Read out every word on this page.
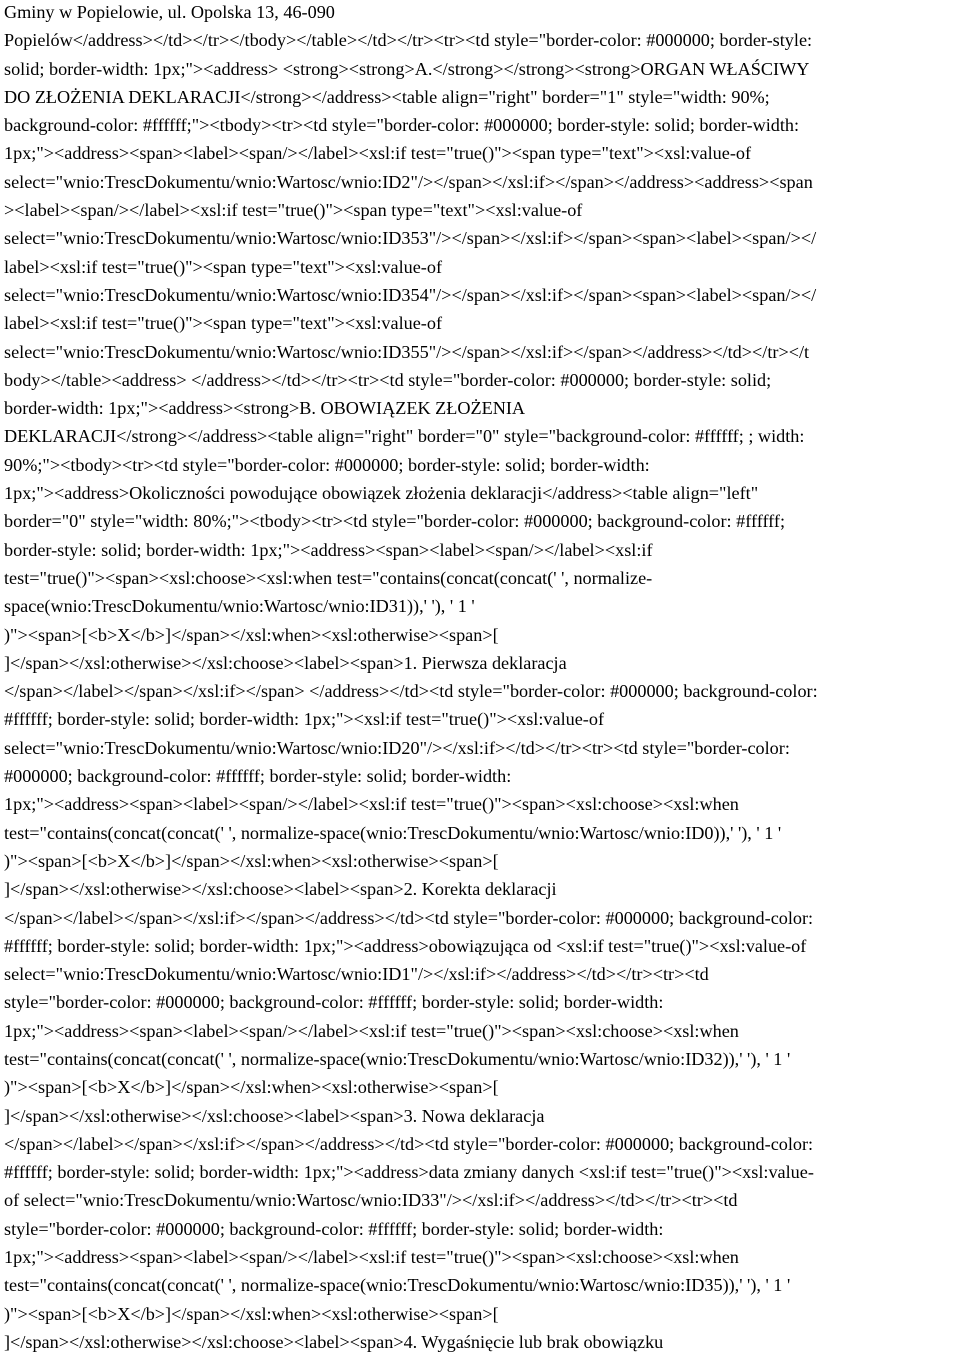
Gminy w Popielowie, ul. Opolska 13, 46-090
Popielów</address></td></tr></tbody></table></td></tr><tr><td style="border-color: #000000; border-style:
solid; border-width: 1px;"><address> <strong><strong>A.</strong></strong><strong>ORGAN WŁAŚCIWY
DO ZŁOŻENIA DEKLARACJI</strong></address><table align="right" border="1" style="width: 90%;
background-color: #ffffff;"><tbody><tr><td style="border-color: #000000; border-style: solid; border-width:
1px;"><address><span><label><span/></label><xsl:if test="true()"><span type="text"><xsl:value-of
select="wnio:TrescDokumentu/wnio:Wartosc/wnio:ID2"/></span></xsl:if></span></address><address><span
><label><span/></label><xsl:if test="true()"><span type="text"><xsl:value-of
select="wnio:TrescDokumentu/wnio:Wartosc/wnio:ID353"/></span></xsl:if></span><span><label><span/></
label><xsl:if test="true()"><span type="text"><xsl:value-of
select="wnio:TrescDokumentu/wnio:Wartosc/wnio:ID354"/></span></xsl:if></span><span><label><span/></
label><xsl:if test="true()"><span type="text"><xsl:value-of
select="wnio:TrescDokumentu/wnio:Wartosc/wnio:ID355"/></span></xsl:if></span></address></td></tr></t
body></table><address> </address></td></tr><tr><td style="border-color: #000000; border-style: solid;
border-width: 1px;"><address><strong>B. OBOWIĄZEK ZŁOŻENIA
DEKLARACJI</strong></address><table align="right" border="0" style="background-color: #ffffff; ; width:
90%;"><tbody><tr><td style="border-color: #000000; border-style: solid; border-width:
1px;"><address>Okoliczności powodujące obowiązek złożenia deklaracji</address><table align="left"
border="0" style="width: 80%;"><tbody><tr><td style="border-color: #000000; background-color: #ffffff;
border-style: solid; border-width: 1px;"><address><span><label><span/></label><xsl:if
test="true()"><span><xsl:choose><xsl:when test="contains(concat(concat(' ', normalize-
space(wnio:TrescDokumentu/wnio:Wartosc/wnio:ID31)),' '), ' 1 '
)"><span>[<b>X</b>]</span></xsl:when><xsl:otherwise><span>[
]</span></xsl:otherwise></xsl:choose><label><span>1. Pierwsza deklaracja
</span></label></span></xsl:if></span> </address></td><td style="border-color: #000000; background-color:
#ffffff; border-style: solid; border-width: 1px;"><xsl:if test="true()"><xsl:value-of
select="wnio:TrescDokumentu/wnio:Wartosc/wnio:ID20"/></xsl:if></td></tr><tr><td style="border-color:
#000000; background-color: #ffffff; border-style: solid; border-width:
1px;"><address><span><label><span/></label><xsl:if test="true()"><span><xsl:choose><xsl:when
test="contains(concat(concat(' ', normalize-space(wnio:TrescDokumentu/wnio:Wartosc/wnio:ID0)),' '), ' 1 '
)"><span>[<b>X</b>]</span></xsl:when><xsl:otherwise><span>[
]</span></xsl:otherwise></xsl:choose><label><span>2. Korekta deklaracji
</span></label></span></xsl:if></span></address></td><td style="border-color: #000000; background-color:
#ffffff; border-style: solid; border-width: 1px;"><address>obowiązująca od <xsl:if test="true()"><xsl:value-of
select="wnio:TrescDokumentu/wnio:Wartosc/wnio:ID1"/></xsl:if></address></td></tr><tr><td
style="border-color: #000000; background-color: #ffffff; border-style: solid; border-width:
1px;"><address><span><label><span/></label><xsl:if test="true()"><span><xsl:choose><xsl:when
test="contains(concat(concat(' ', normalize-space(wnio:TrescDokumentu/wnio:Wartosc/wnio:ID32)),' '), ' 1 '
)"><span>[<b>X</b>]</span></xsl:when><xsl:otherwise><span>[
]</span></xsl:otherwise></xsl:choose><label><span>3. Nowa deklaracja
</span></label></span></xsl:if></span></address></td><td style="border-color: #000000; background-color:
#ffffff; border-style: solid; border-width: 1px;"><address>data zmiany danych <xsl:if test="true()"><xsl:value-
of select="wnio:TrescDokumentu/wnio:Wartosc/wnio:ID33"/></xsl:if></address></td></tr><tr><td
style="border-color: #000000; background-color: #ffffff; border-style: solid; border-width:
1px;"><address><span><label><span/></label><xsl:if test="true()"><span><xsl:choose><xsl:when
test="contains(concat(concat(' ', normalize-space(wnio:TrescDokumentu/wnio:Wartosc/wnio:ID35)),' '), ' 1 '
)"><span>[<b>X</b>]</span></xsl:when><xsl:otherwise><span>[
]</span></xsl:otherwise></xsl:choose><label><span>4. Wygaśnięcie lub brak obowiązku
